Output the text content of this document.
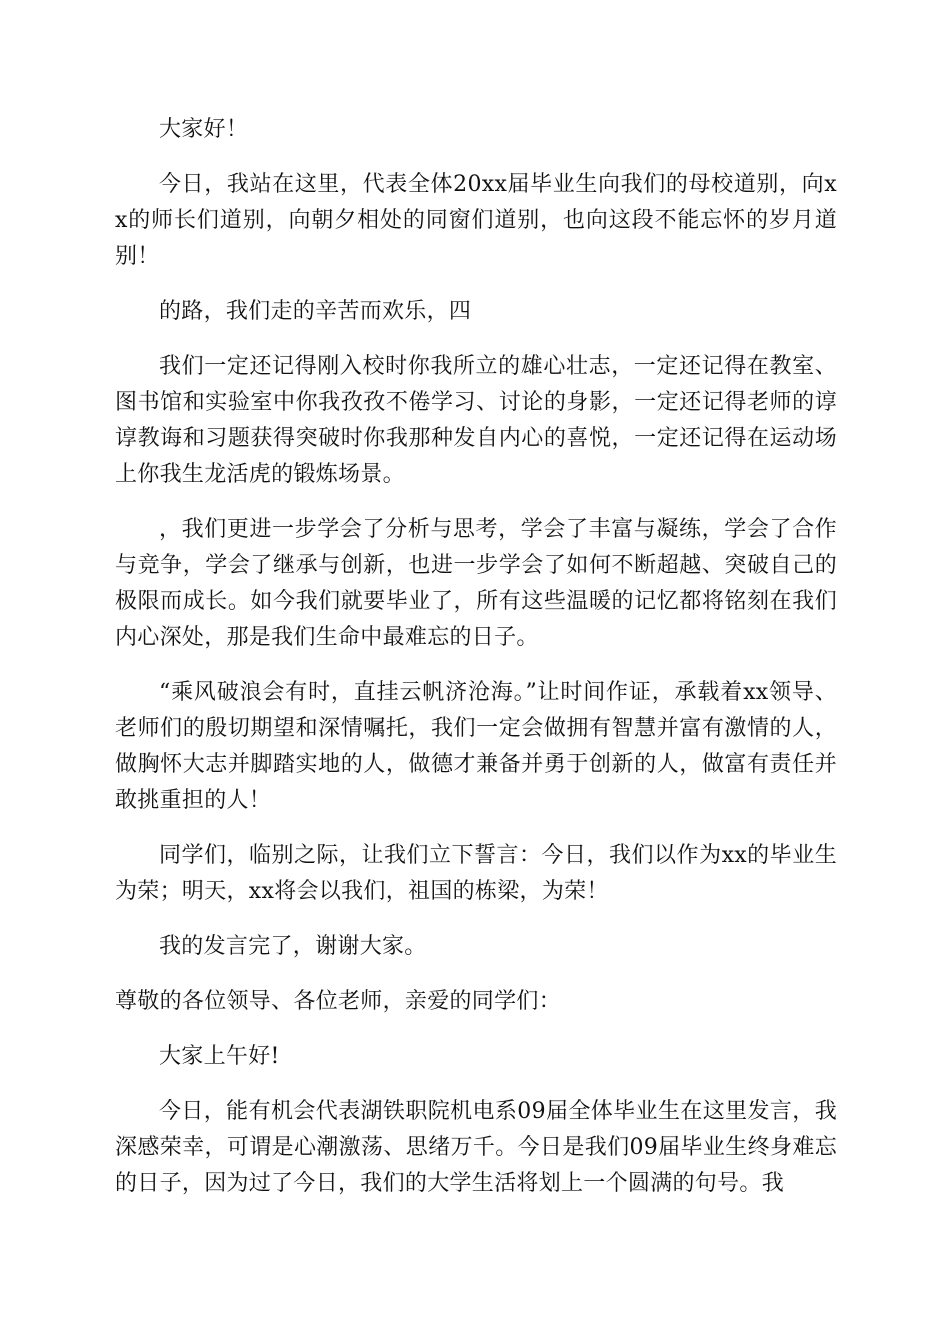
大家好！

今日，我站在这里，代表全体20xx届毕业生向我们的母校道别，向xx的师长们道别，向朝夕相处的同窗们道别，也向这段不能忘怀的岁月道别！

的路，我们走的辛苦而欢乐，四

我们一定还记得刚入校时你我所立的雄心壮志，一定还记得在教室、图书馆和实验室中你我孜孜不倦学习、讨论的身影，一定还记得老师的谆谆教诲和习题获得突破时你我那种发自内心的喜悦，一定还记得在运动场上你我生龙活虎的锻炼场景。

，我们更进一步学会了分析与思考，学会了丰富与凝练，学会了合作与竞争，学会了继承与创新，也进一步学会了如何不断超越、突破自己的极限而成长。如今我们就要毕业了，所有这些温暖的记忆都将铭刻在我们内心深处，那是我们生命中最难忘的日子。

“乘风破浪会有时，直挂云帆济沧海。”让时间作证，承载着xx领导、老师们的殷切期望和深情嘱托，我们一定会做拥有智慧并富有激情的人，做胸怀大志并脚踏实地的人，做德才兼备并勇于创新的人，做富有责任并敢挑重担的人！

同学们，临别之际，让我们立下誓言：今日，我们以作为xx的毕业生为荣；明天，xx将会以我们，祖国的栋梁，为荣！

我的发言完了，谢谢大家。

尊敬的各位领导、各位老师，亲爱的同学们：

大家上午好!

今日，能有机会代表湖铁职院机电系09届全体毕业生在这里发言，我深感荣幸，可谓是心潮激荡、思绪万千。今日是我们09届毕业生终身难忘的日子，因为过了今日，我们的大学生活将划上一个圆满的句号。我
